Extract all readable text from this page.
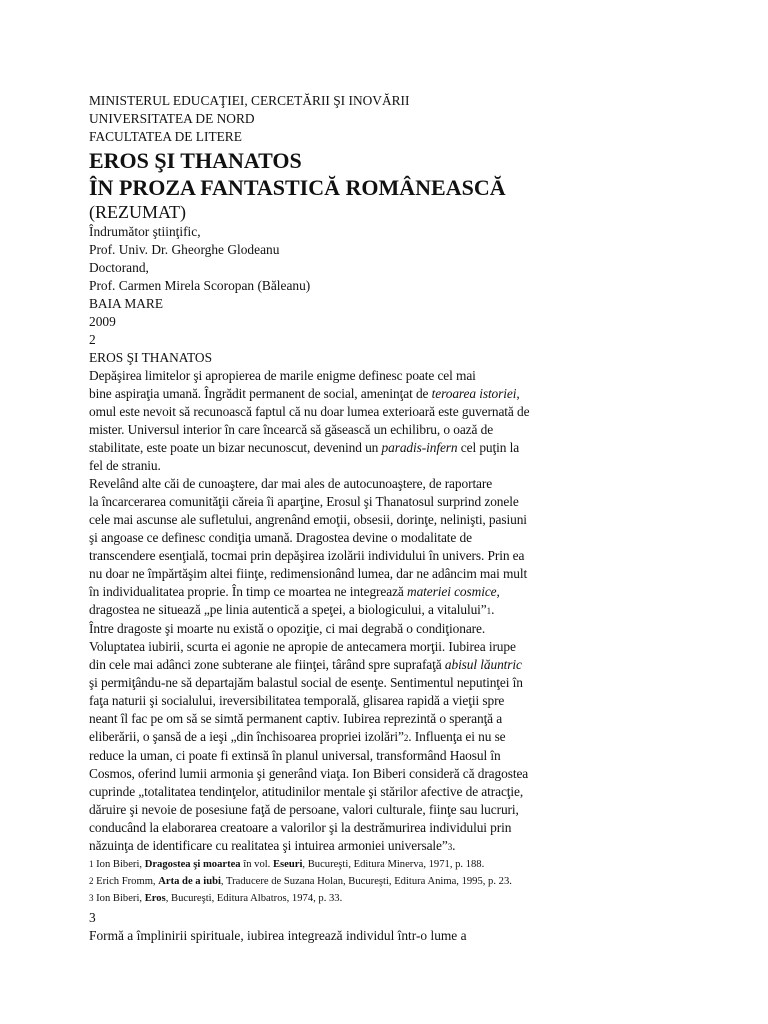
MINISTERUL EDUCAŢIEI, CERCETĂRII ŞI INOVĂRII
UNIVERSITATEA DE NORD
FACULTATEA DE LITERE
EROS ŞI THANATOS
ÎN PROZA FANTASTICĂ ROMÂNEASCĂ
(REZUMAT)
Îndrumător ştiinţific,
Prof. Univ. Dr. Gheorghe Glodeanu
Doctorand,
Prof. Carmen Mirela Scoropan (Băleanu)
BAIA MARE
2009
2
EROS ŞI THANATOS
Depăşirea limitelor şi apropierea de marile enigme definesc poate cel mai
bine aspiraţia umană. Îngrădit permanent de social, ameninţat de teroarea istoriei,
omul este nevoit să recunoască faptul că nu doar lumea exterioară este guvernată de
mister. Universul interior în care încearcă să găsească un echilibru, o oază de
stabilitate, este poate un bizar necunoscut, devenind un paradis-infern cel puţin la
fel de straniu.
Revelând alte căi de cunoaştere, dar mai ales de autocunoaştere, de raportare
la încarcerarea comunităţii căreia îi aparţine, Erosul şi Thanatosul surprind zonele
cele mai ascunse ale sufletului, angrenând emoţii, obsesii, dorinţe, nelinişti, pasiuni
şi angoase ce definesc condiţia umană. Dragostea devine o modalitate de
transcendere esenţială, tocmai prin depăşirea izolării individului în univers. Prin ea
nu doar ne împărtăşim altei fiinţe, redimensionând lumea, dar ne adâncim mai mult
în individualitatea proprie. În timp ce moartea ne integrează materiei cosmice,
dragostea ne situează „pe linia autentică a speţei, a biologicului, a vitalului”1.
Între dragoste şi moarte nu există o opoziţie, ci mai degrabă o condiţionare.
Voluptatea iubirii, scurta ei agonie ne apropie de antecamera morţii. Iubirea irupe
din cele mai adânci zone subterane ale fiinţei, târând spre suprafaţă abisul lăuntric
şi permiţându-ne să departajăm balastul social de esenţe. Sentimentul neputinţei în
faţa naturii şi socialului, ireversibilitatea temporală, glisarea rapidă a vieţii spre
neant îl fac pe om să se simtă permanent captiv. Iubirea reprezintă o speranţă a
eliberării, o şansă de a ieşi „din închisoarea propriei izolări”2. Influenţa ei nu se
reduce la uman, ci poate fi extinsă în planul universal, transformând Haosul în
Cosmos, oferind lumii armonia şi generând viaţa. Ion Biberi consideră că dragostea
cuprinde „totalitatea tendinţelor, atitudinilor mentale şi stărilor afective de atracţie,
dăruire şi nevoie de posesiune faţă de persoane, valori culturale, fiinţe sau lucruri,
conducând la elaborarea creatoare a valorilor şi la destrămurirea individului prin
năzuinţa de identificare cu realitatea şi intuirea armoniei universale”3.
1 Ion Biberi, Dragostea şi moartea în vol. Eseuri, Bucureşti, Editura Minerva, 1971, p. 188.
2 Erich Fromm, Arta de a iubi, Traducere de Suzana Holan, Bucureşti, Editura Anima, 1995, p. 23.
3 Ion Biberi, Eros, Bucureşti, Editura Albatros, 1974, p. 33.
3
Formă a împlinirii spirituale, iubirea integrează individul într-o lume a
